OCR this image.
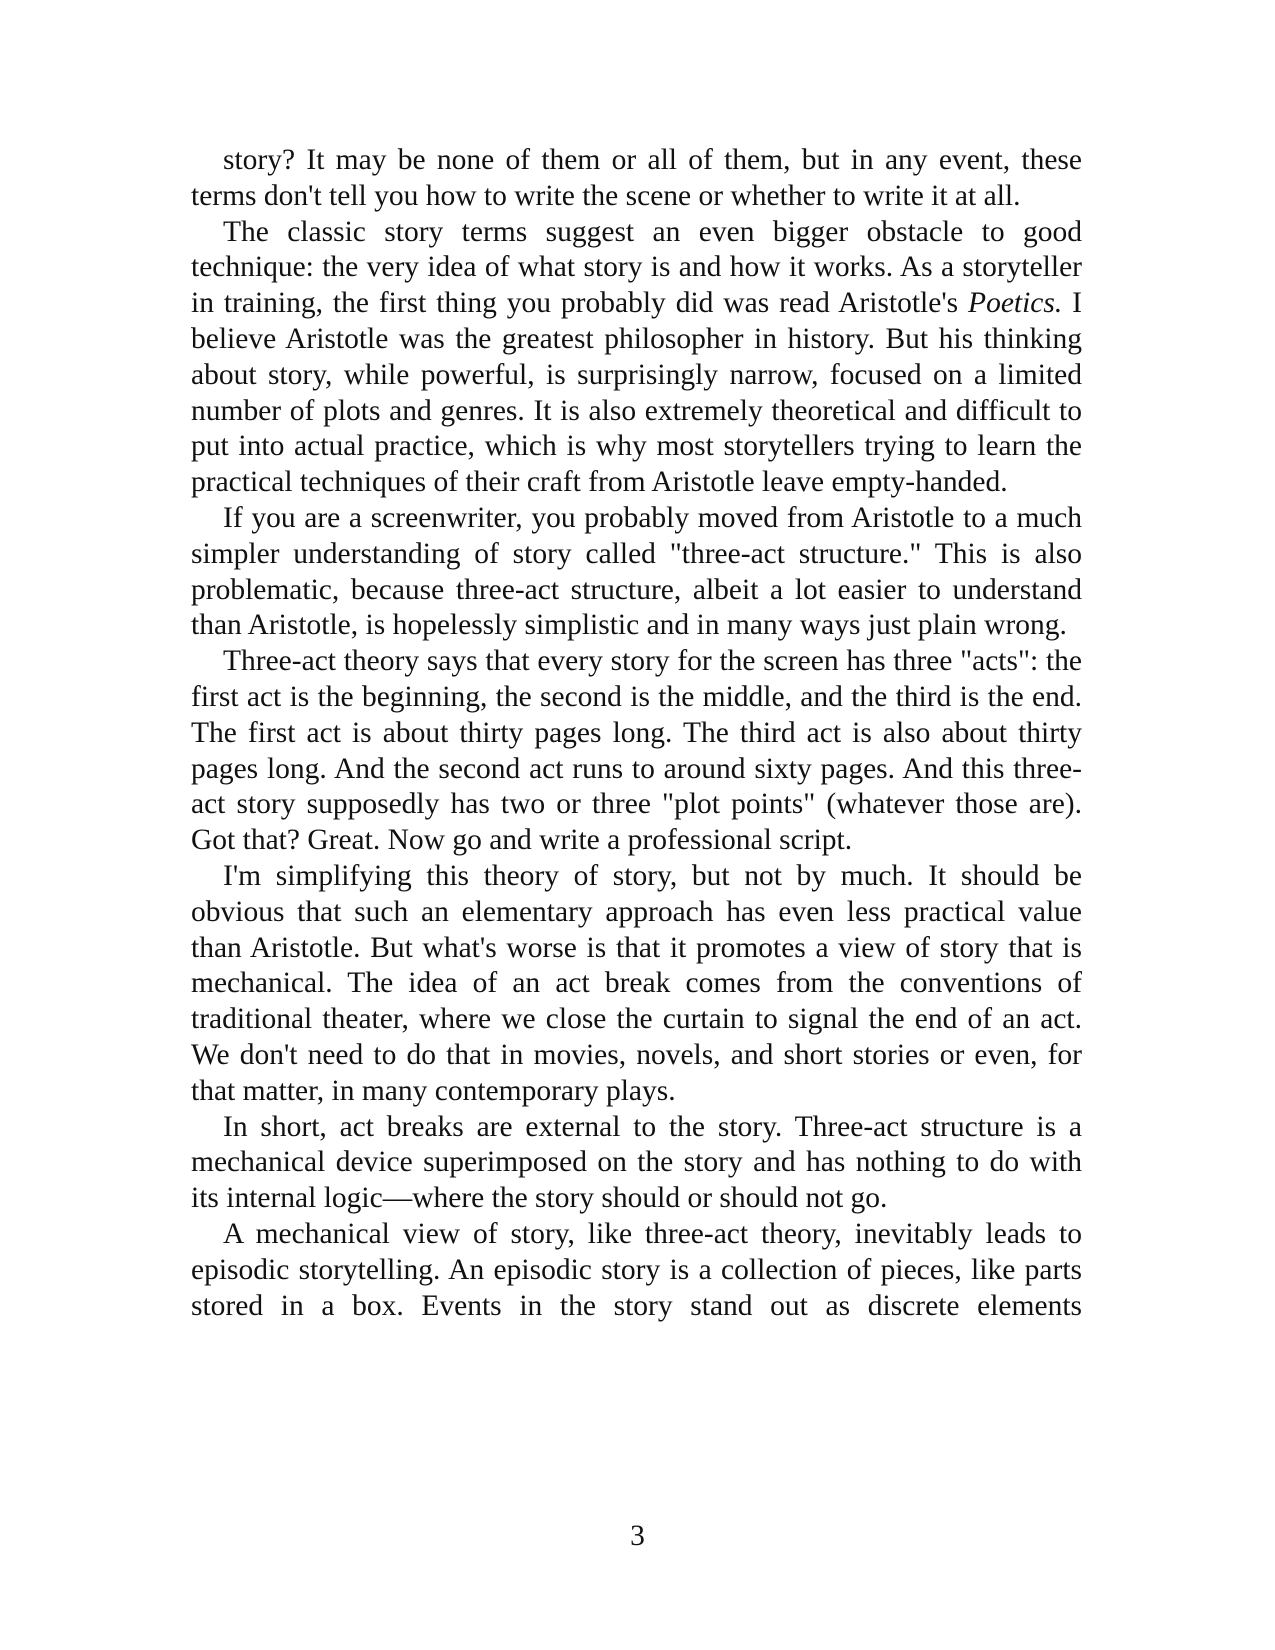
story? It may be none of them or all of them, but in any event, these terms don't tell you how to write the scene or whether to write it at all.

The classic story terms suggest an even bigger obstacle to good technique: the very idea of what story is and how it works. As a storyteller in training, the first thing you probably did was read Aristotle's Poetics. I believe Aristotle was the greatest philosopher in history. But his thinking about story, while powerful, is surprisingly narrow, focused on a limited number of plots and genres. It is also extremely theoretical and difficult to put into actual practice, which is why most storytellers trying to learn the practical techniques of their craft from Aristotle leave empty-handed.

If you are a screenwriter, you probably moved from Aristotle to a much simpler understanding of story called "three-act structure." This is also problematic, because three-act structure, albeit a lot easier to understand than Aristotle, is hopelessly simplistic and in many ways just plain wrong.

Three-act theory says that every story for the screen has three "acts": the first act is the beginning, the second is the middle, and the third is the end. The first act is about thirty pages long. The third act is also about thirty pages long. And the second act runs to around sixty pages. And this three-act story supposedly has two or three "plot points" (whatever those are). Got that? Great. Now go and write a professional script.

I'm simplifying this theory of story, but not by much. It should be obvious that such an elementary approach has even less practical value than Aristotle. But what's worse is that it promotes a view of story that is mechanical. The idea of an act break comes from the conventions of traditional theater, where we close the curtain to signal the end of an act. We don't need to do that in movies, novels, and short stories or even, for that matter, in many contemporary plays.

In short, act breaks are external to the story. Three-act structure is a mechanical device superimposed on the story and has nothing to do with its internal logic—where the story should or should not go.

A mechanical view of story, like three-act theory, inevitably leads to episodic storytelling. An episodic story is a collection of pieces, like parts stored in a box. Events in the story stand out as discrete elements

3
